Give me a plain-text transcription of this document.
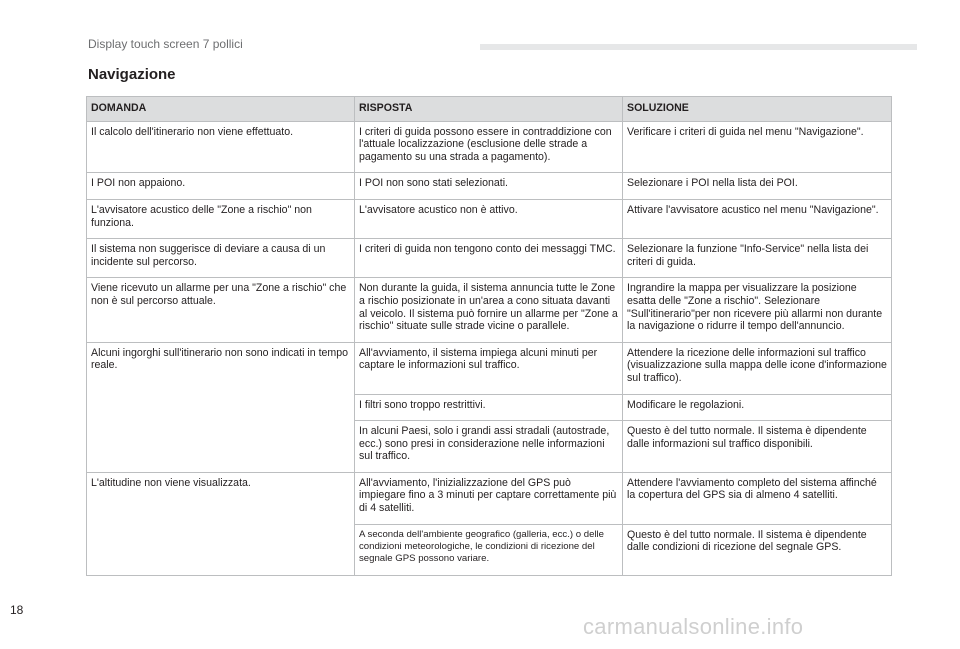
Display touch screen 7 pollici
Navigazione
DOMANDA	RISPOSTA	SOLUZIONE
Il calcolo dell'itinerario non viene effettuato.	I criteri di guida possono essere in contraddizione con l'attuale localizzazione (esclusione delle strade a pagamento su una strada a pagamento).	Verificare i criteri di guida nel menu "Navigazione".
I POI non appaiono.	I POI non sono stati selezionati.	Selezionare i POI nella lista dei POI.
L'avvisatore acustico delle "Zone a rischio" non funziona.	L'avvisatore acustico non è attivo.	Attivare l'avvisatore acustico nel menu "Navigazione".
Il sistema non suggerisce di deviare a causa di un incidente sul percorso.	I criteri di guida non tengono conto dei messaggi TMC.	Selezionare la funzione "Info-Service" nella lista dei criteri di guida.
Viene ricevuto un allarme per una "Zone a rischio" che non è sul percorso attuale.	Non durante la guida, il sistema annuncia tutte le Zone a rischio posizionate in un'area a cono situata davanti al veicolo. Il sistema può fornire un allarme per "Zone a rischio" situate sulle strade vicine o parallele.	Ingrandire la mappa per visualizzare la posizione esatta delle "Zone a rischio". Selezionare "Sull'itinerario"per non ricevere più allarmi non durante la navigazione o ridurre il tempo dell'annuncio.
Alcuni ingorghi sull'itinerario non sono indicati in tempo reale.	All'avviamento, il sistema impiega alcuni minuti per captare le informazioni sul traffico.	Attendere la ricezione delle informazioni sul traffico (visualizzazione sulla mappa delle icone d'informazione sul traffico).
	I filtri sono troppo restrittivi.	Modificare le regolazioni.
	In alcuni Paesi, solo i grandi assi stradali (autostrade, ecc.) sono presi in considerazione nelle informazioni sul traffico.	Questo è del tutto normale. Il sistema è dipendente dalle informazioni sul traffico disponibili.
L'altitudine non viene visualizzata.	All'avviamento, l'inizializzazione del GPS può impiegare fino a 3 minuti per captare correttamente più di 4 satelliti.	Attendere l'avviamento completo del sistema affinché la copertura del GPS sia di almeno 4 satelliti.
	A seconda dell'ambiente geografico (galleria, ecc.) o delle condizioni meteorologiche, le condizioni di ricezione del segnale GPS possono variare.	Questo è del tutto normale. Il sistema è dipendente dalle condizioni di ricezione del segnale GPS.
18
carmanualsonline.info
